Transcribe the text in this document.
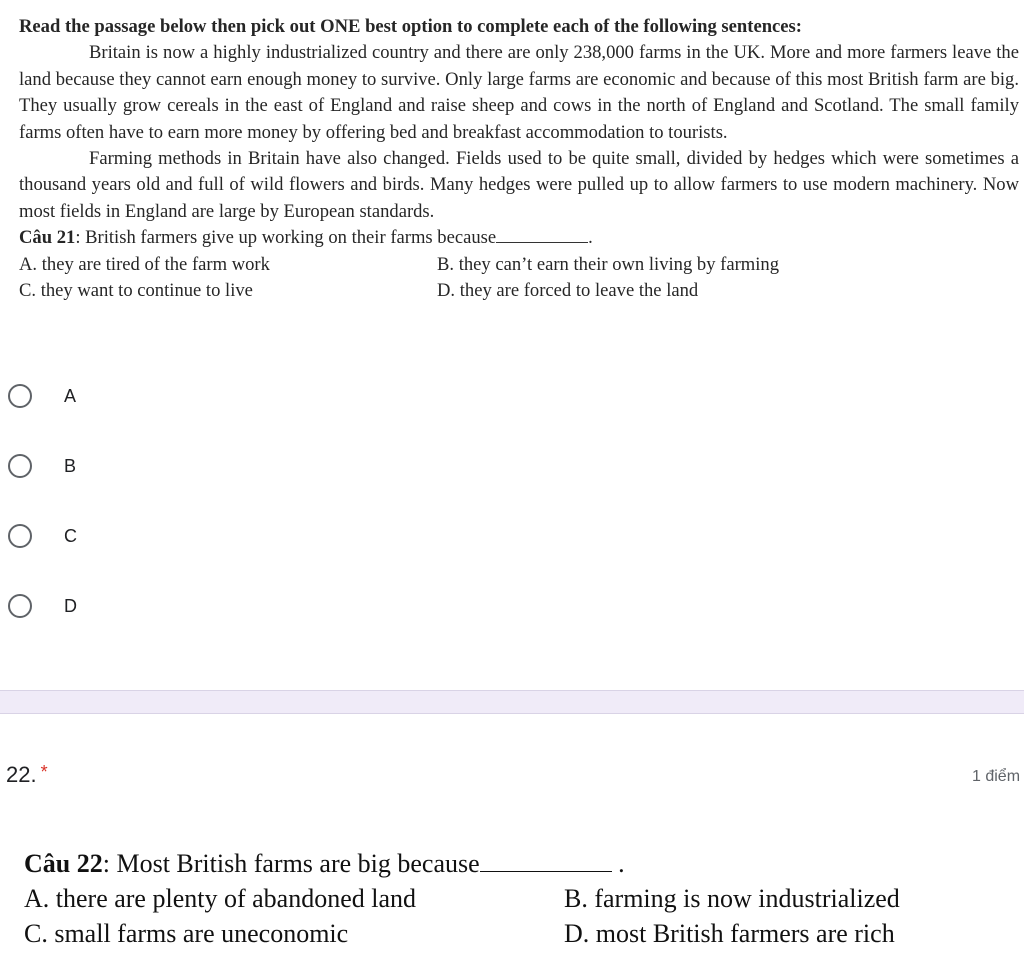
Read the passage below then pick out ONE best option to complete each of the following sentences:

Britain is now a highly industrialized country and there are only 238,000 farms in the UK. More and more farmers leave the land because they cannot earn enough money to survive. Only large farms are economic and because of this most British farm are big. They usually grow cereals in the east of England and raise sheep and cows in the north of England and Scotland. The small family farms often have to earn more money by offering bed and breakfast accommodation to tourists.

Farming methods in Britain have also changed. Fields used to be quite small, divided by hedges which were sometimes a thousand years old and full of wild flowers and birds. Many hedges were pulled up to allow farmers to use modern machinery. Now most fields in England are large by European standards.

Câu 21: British farmers give up working on their farms because	.
A. they are tired of the farm work	B. they can’t earn their own living by farming
C. they want to continue to live	D. they are forced to leave the land
A
B
C
D
22. *	1 điểm
Câu 22: Most British farms are big because	.
A. there are plenty of abandoned land	B. farming is now industrialized
C. small farms are uneconomic	D. most British farmers are rich
